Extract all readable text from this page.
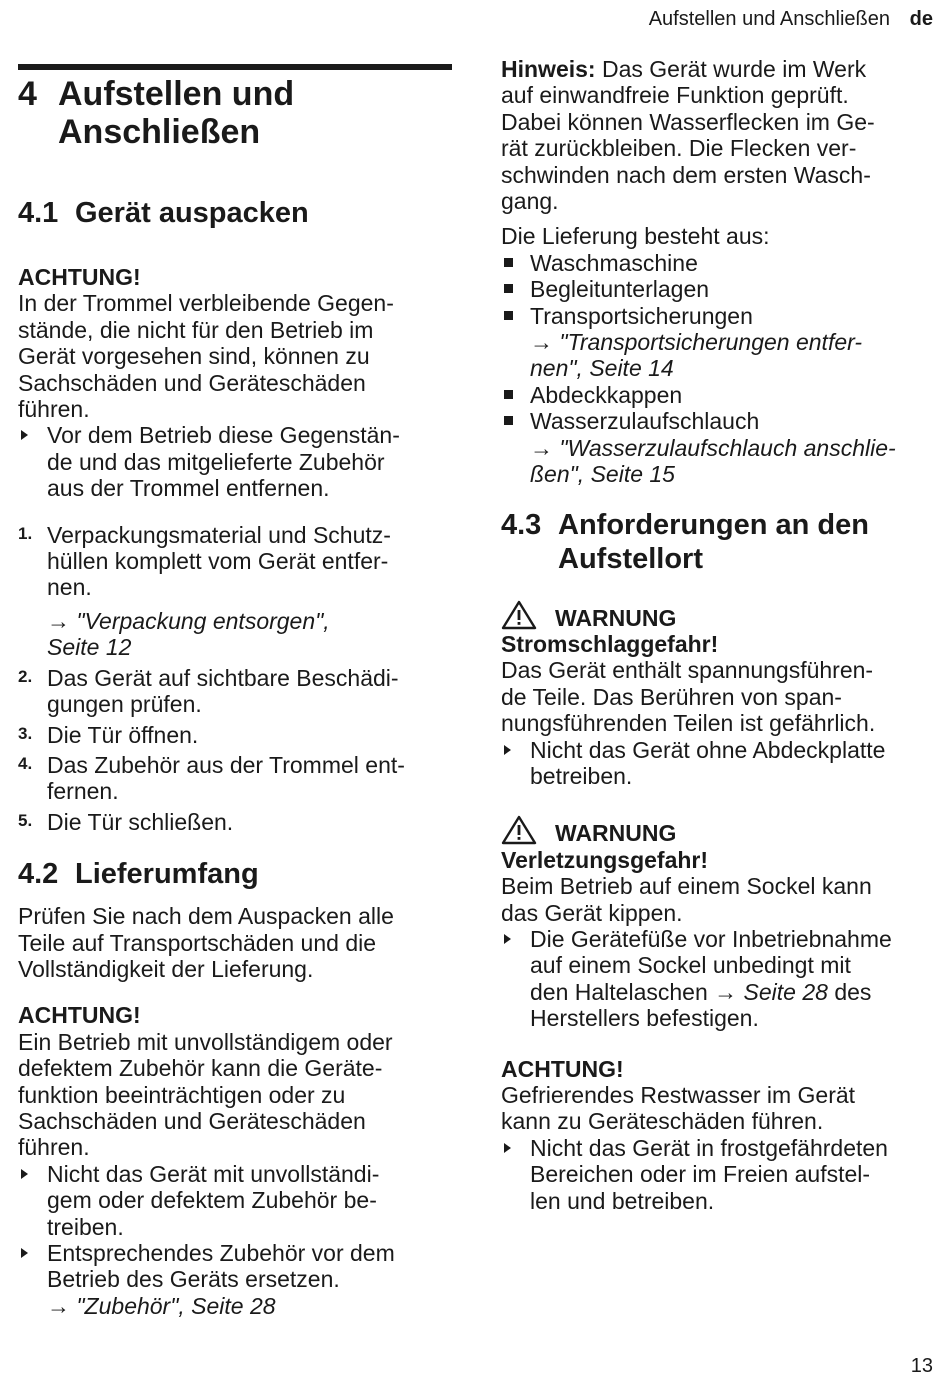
Aufstellen und Anschließen de
4 Aufstellen und
Anschließen
4.1 Gerät auspacken

ACHTUNG!

In der Trommel verbleibende Gegen-

stände, die nicht für den Betrieb im

Gerät vorgesehen sind, können zu

Sachschäden und Geräteschäden

führen.

Vor dem Betrieb diese Gegenstän-

de und das mitgelieferte Zubehör

aus der Trommel entfernen.

1. Verpackungsmaterial und Schutz-

hüllen komplett vom Gerät entfer-

nen.

→ "Verpackung entsorgen",

Seite 12

2. Das Gerät auf sichtbare Beschädi-

gungen prüfen.

3. Die Tür öffnen.

4. Das Zubehör aus der Trommel ent-

fernen.

5. Die Tür schließen.

4.2 Lieferumfang

Prüfen Sie nach dem Auspacken alle

Teile auf Transportschäden und die

Vollständigkeit der Lieferung.

ACHTUNG!

Ein Betrieb mit unvollständigem oder

defektem Zubehör kann die Geräte-

funktion beeinträchtigen oder zu

Sachschäden und Geräteschäden

führen.

Nicht das Gerät mit unvollständi-

gem oder defektem Zubehör be-

treiben.

Entsprechendes Zubehör vor dem

Betrieb des Geräts ersetzen.

→ "Zubehör", Seite 28

Hinweis: Das Gerät wurde im Werk

auf einwandfreie Funktion geprüft.

Dabei können Wasserflecken im Ge-

rät zurückbleiben. Die Flecken ver-

schwinden nach dem ersten Wasch-

gang.

Die Lieferung besteht aus:

Waschmaschine

Begleitunterlagen

Transportsicherungen

→ "Transportsicherungen entfer-

nen", Seite 14

Abdeckkappen

Wasserzulaufschlauch

→ "Wasserzulaufschlauch anschlie-

ßen", Seite 15

4.3 Anforderungen an den
Aufstellort

WARNUNG

Stromschlaggefahr!

Das Gerät enthält spannungsführen-

de Teile. Das Berühren von span-

nungsführenden Teilen ist gefährlich.

Nicht das Gerät ohne Abdeckplatte

betreiben.

WARNUNG

Verletzungsgefahr!

Beim Betrieb auf einem Sockel kann

das Gerät kippen.

Die Gerätefüße vor Inbetriebnahme

auf einem Sockel unbedingt mit

den Haltelaschen → Seite 28 des

Herstellers befestigen.

ACHTUNG!

Gefrierendes Restwasser im Gerät

kann zu Geräteschäden führen.

Nicht das Gerät in frostgefährdeten

Bereichen oder im Freien aufstel-

len und betreiben.

13
